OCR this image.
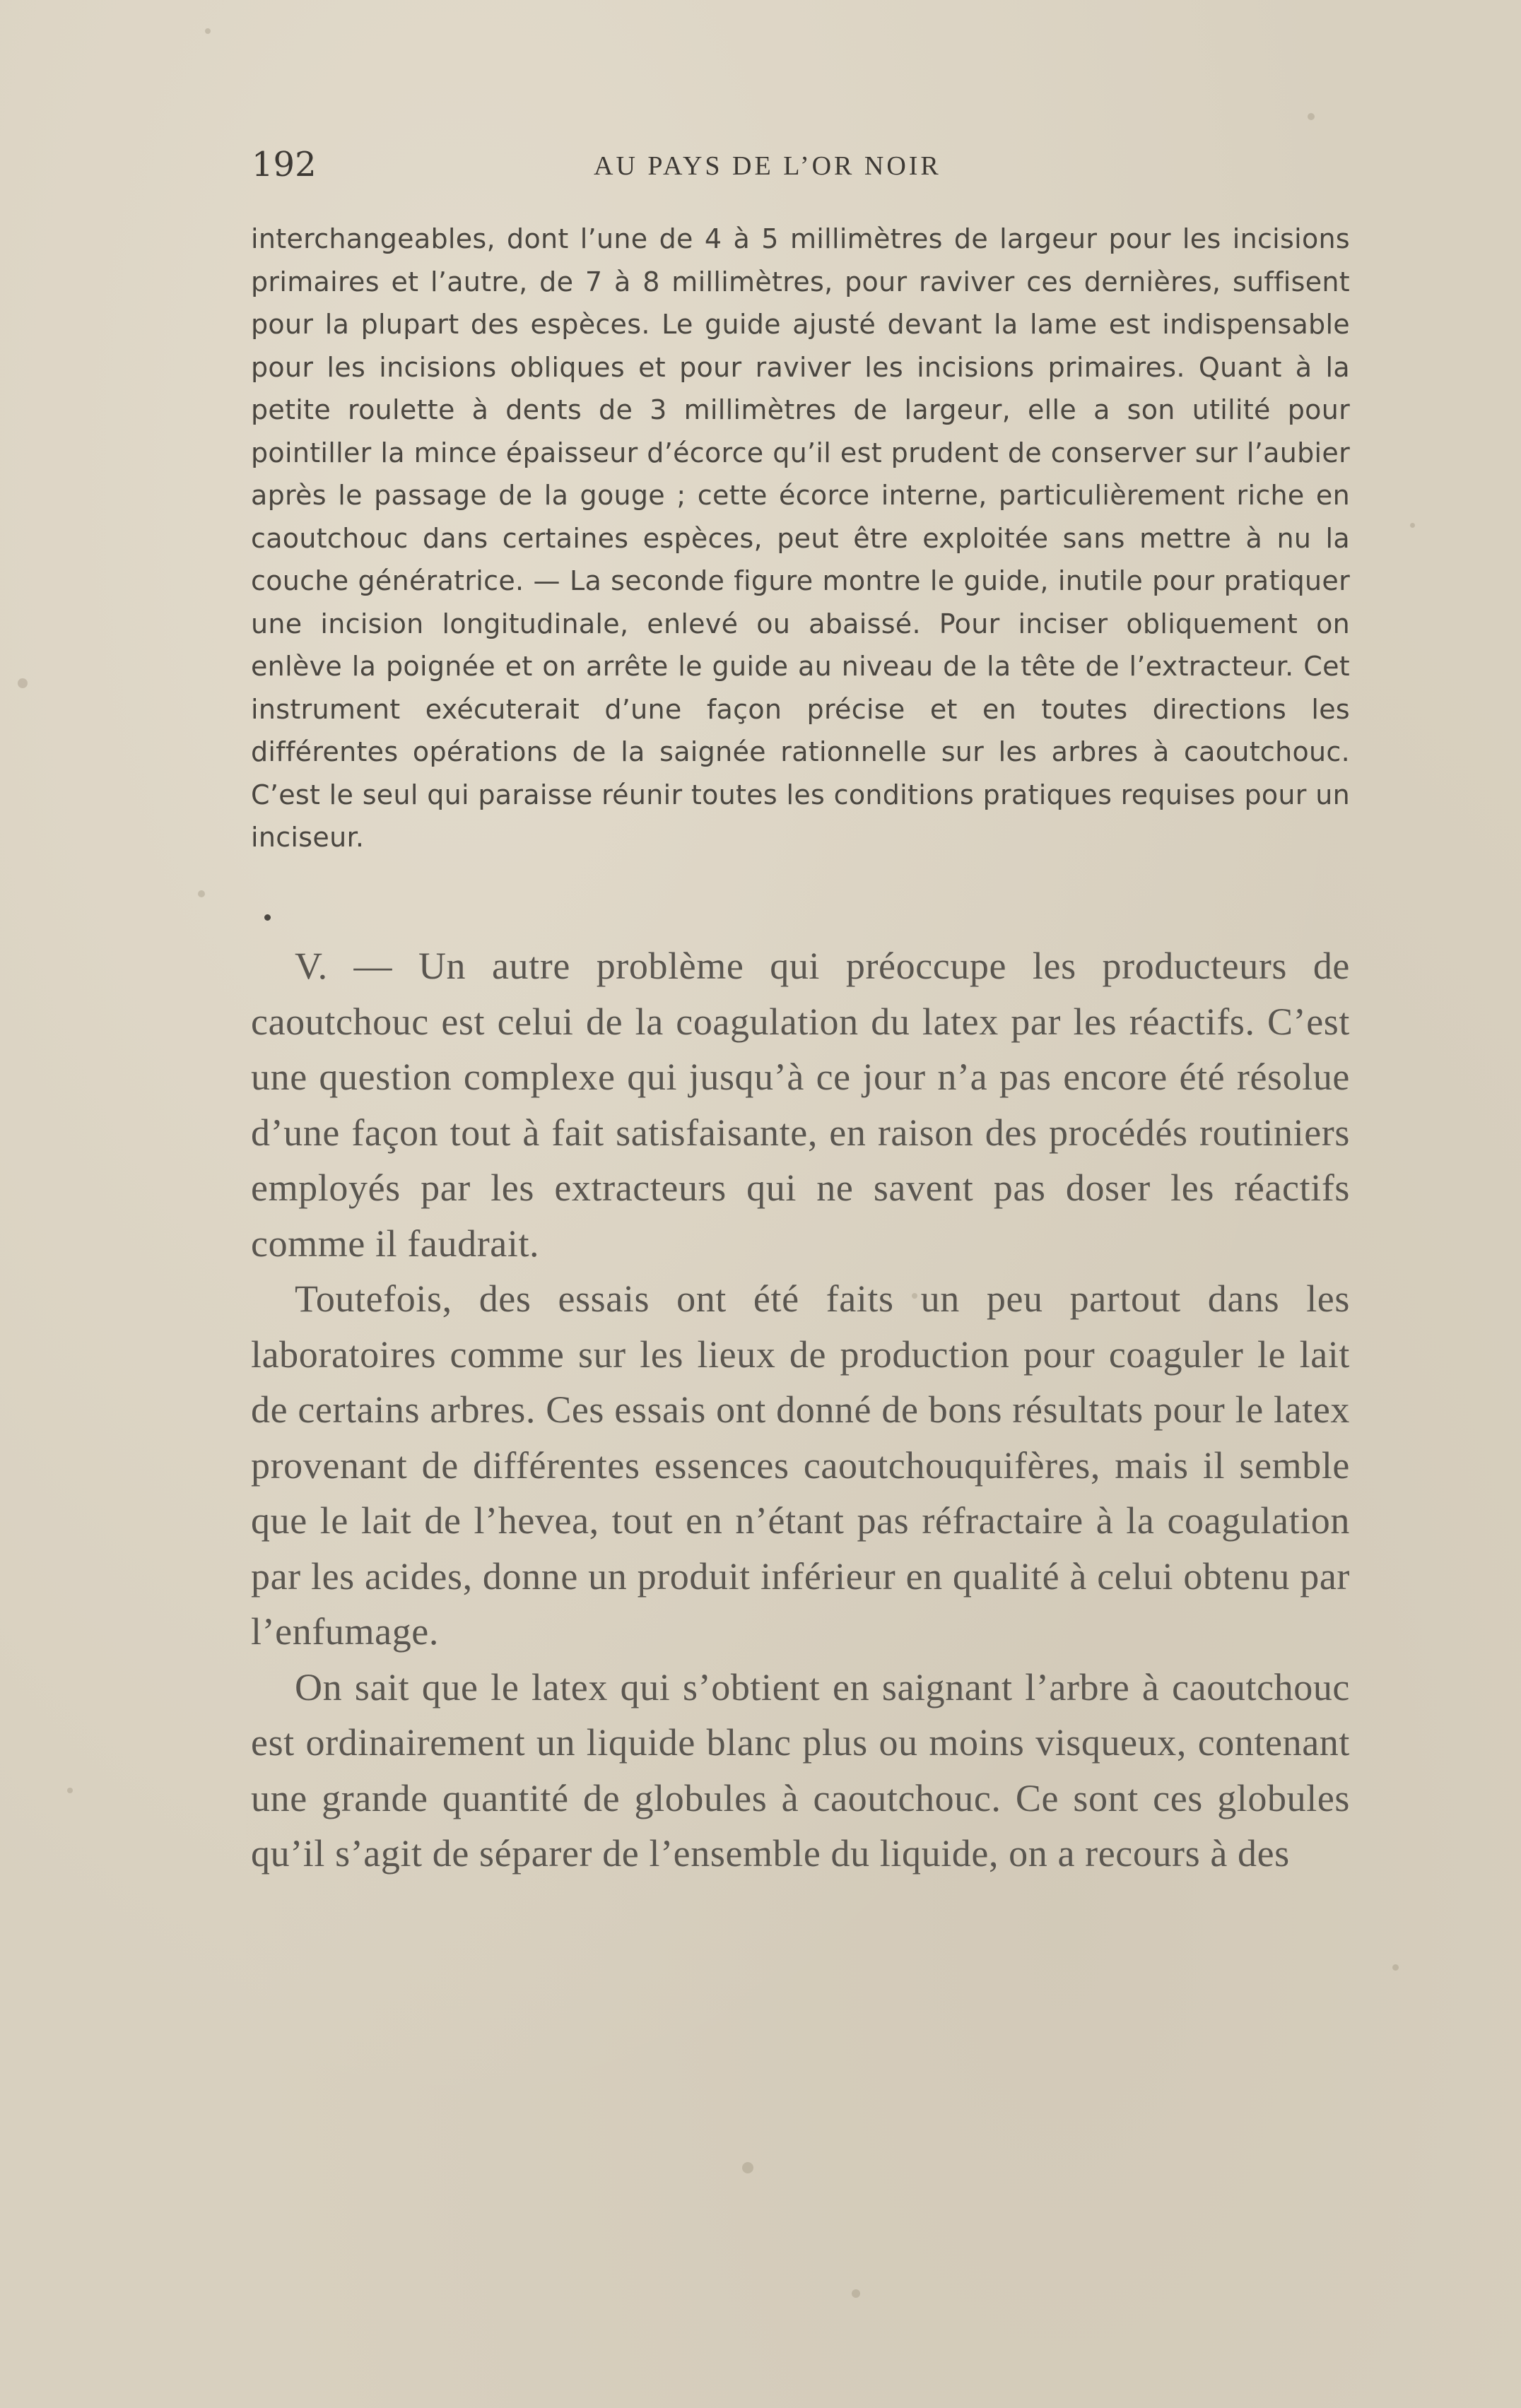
192	AU PAYS DE L’OR NOIR

interchangeables, dont l’une de 4 à 5 millimètres de largeur pour les incisions primaires et l’autre, de 7 à 8 millimètres, pour raviver ces dernières, suffisent pour la plupart des espèces. Le guide ajusté devant la lame est indispensable pour les incisions obliques et pour raviver les incisions primaires. Quant à la petite roulette à dents de 3 millimètres de largeur, elle a son utilité pour pointiller la mince épaisseur d’écorce qu’il est prudent de conserver sur l’aubier après le passage de la gouge ; cette écorce interne, particulièrement riche en caoutchouc dans certaines espèces, peut être exploitée sans mettre à nu la couche génératrice. — La seconde figure montre le guide, inutile pour pratiquer une incision longitudinale, enlevé ou abaissé. Pour inciser obliquement on enlève la poignée et on arrête le guide au niveau de la tête de l’extracteur. Cet instrument exécuterait d’une façon précise et en toutes directions les différentes opérations de la saignée rationnelle sur les arbres à caoutchouc. C’est le seul qui paraisse réunir toutes les conditions pratiques requises pour un inciseur.

V. — Un autre problème qui préoccupe les producteurs de caoutchouc est celui de la coagulation du latex par les réactifs. C’est une question complexe qui jusqu’à ce jour n’a pas encore été résolue d’une façon tout à fait satisfaisante, en raison des procédés routiniers employés par les extracteurs qui ne savent pas doser les réactifs comme il faudrait.

Toutefois, des essais ont été faits un peu partout dans les laboratoires comme sur les lieux de production pour coaguler le lait de certains arbres. Ces essais ont donné de bons résultats pour le latex provenant de différentes essences caoutchouquifères, mais il semble que le lait de l’hevea, tout en n’étant pas réfractaire à la coagulation par les acides, donne un produit inférieur en qualité à celui obtenu par l’enfumage.

On sait que le latex qui s’obtient en saignant l’arbre à caoutchouc est ordinairement un liquide blanc plus ou moins visqueux, contenant une grande quantité de globules à caoutchouc. Ce sont ces globules qu’il s’agit de séparer de l’ensemble du liquide, on a recours à des
